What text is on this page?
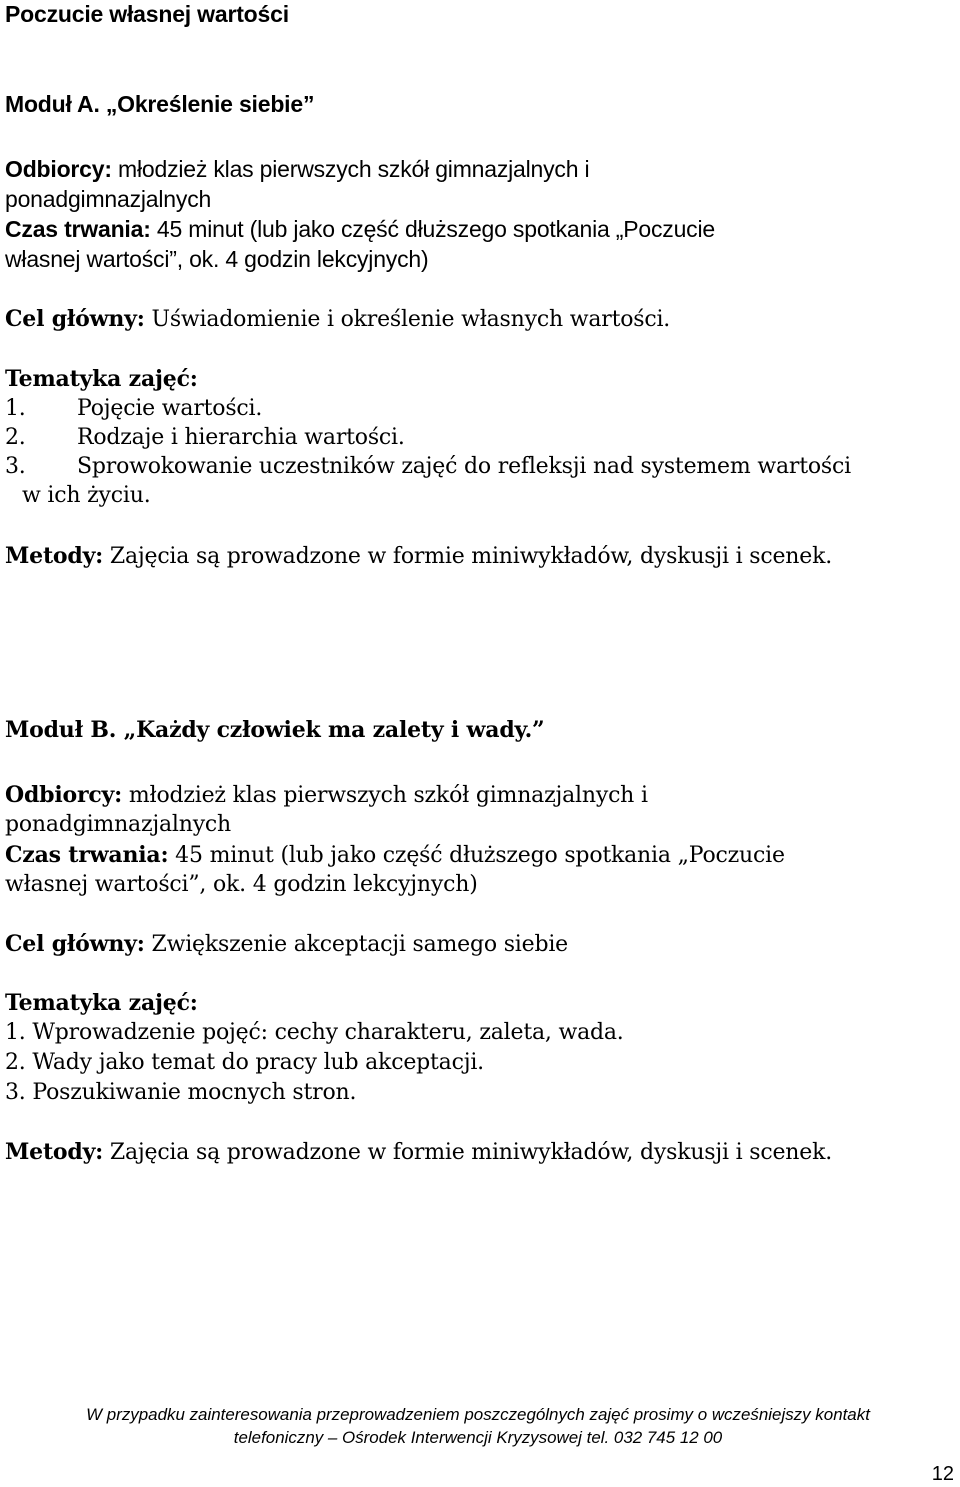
Poczucie własnej wartości
Moduł A. „Określenie siebie”
Odbiorcy: młodzież klas pierwszych szkół gimnazjalnych i
ponadgimnazjalnych
Czas trwania: 45 minut (lub jako część dłuższego spotkania „Poczucie
własnej wartości”, ok. 4 godzin lekcyjnych)
Cel główny: Uświadomienie i określenie własnych wartości.
Tematyka zajęć:
1. Pojęcie wartości.
2. Rodzaje i hierarchia wartości.
3. Sprowokowanie uczestników zajęć do refleksji nad systemem wartości
w ich życiu.
Metody: Zajęcia są prowadzone w formie miniwykładów, dyskusji i scenek.
Moduł B. „Każdy człowiek ma zalety i wady.”
Odbiorcy: młodzież klas pierwszych szkół gimnazjalnych i
ponadgimnazjalnych
Czas trwania: 45 minut (lub jako część dłuższego spotkania „Poczucie
własnej wartości”, ok. 4 godzin lekcyjnych)
Cel główny: Zwiększenie akceptacji samego siebie
Tematyka zajęć:
1. Wprowadzenie pojęć: cechy charakteru, zaleta, wada.
2. Wady jako temat do pracy lub akceptacji.
3. Poszukiwanie mocnych stron.
Metody: Zajęcia są prowadzone w formie miniwykładów, dyskusji i scenek.
W przypadku zainteresowania przeprowadzeniem poszczególnych zajęć prosimy o wcześniejszy kontakt
telefoniczny – Ośrodek Interwencji Kryzysowej tel. 032 745 12 00
12
